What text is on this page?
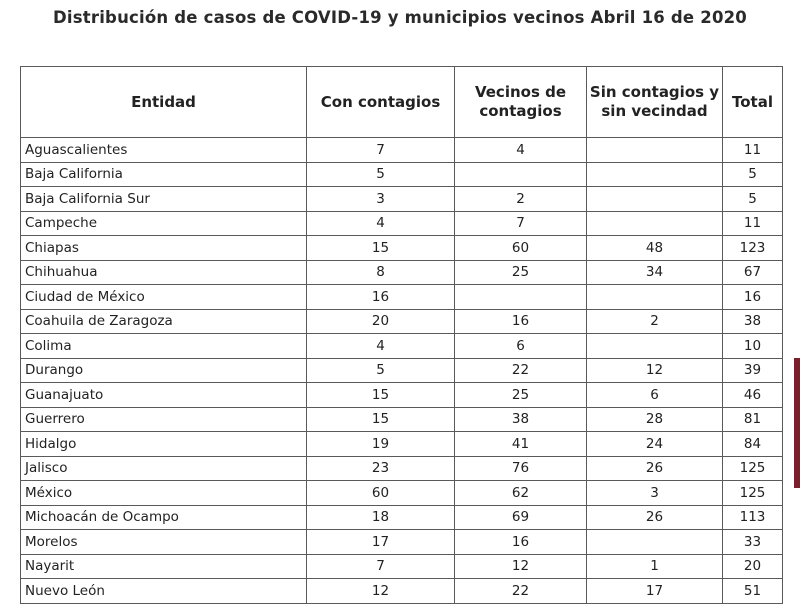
Distribución de casos de COVID-19 y municipios vecinos Abril 16 de 2020
Entidad	Con contagios	Vecinos de contagios	Sin contagios y sin vecindad	Total
Aguascalientes	7	4		11
Baja California	5			5
Baja California Sur	3	2		5
Campeche	4	7		11
Chiapas	15	60	48	123
Chihuahua	8	25	34	67
Ciudad de México	16			16
Coahuila de Zaragoza	20	16	2	38
Colima	4	6		10
Durango	5	22	12	39
Guanajuato	15	25	6	46
Guerrero	15	38	28	81
Hidalgo	19	41	24	84
Jalisco	23	76	26	125
México	60	62	3	125
Michoacán de Ocampo	18	69	26	113
Morelos	17	16		33
Nayarit	7	12	1	20
Nuevo León	12	22	17	51
